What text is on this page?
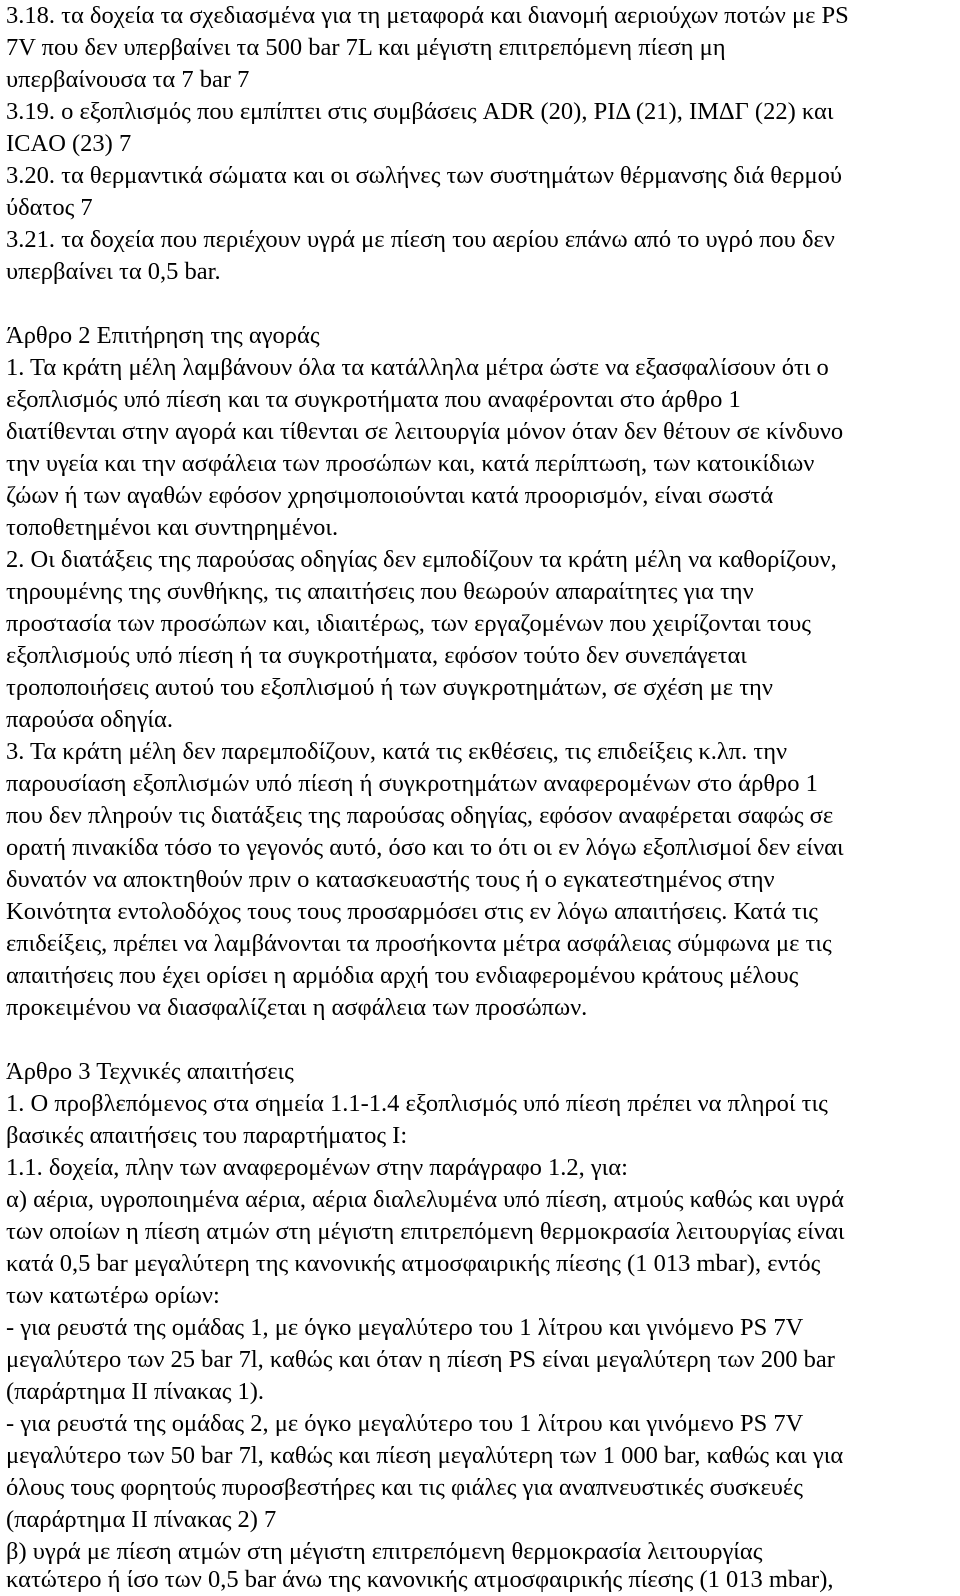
3.18. τα δοχεία τα σχεδιασμένα για τη μεταφορά και διανομή αεριούχων ποτών με PS

7V που δεν υπερβαίνει τα 500 bar 7L και μέγιστη επιτρεπόμενη πίεση μη

υπερβαίνουσα τα 7 bar 7

3.19. ο εξοπλισμός που εμπίπτει στις συμβάσεις ADR (20), ΡΙΔ (21), ΙΜΔΓ (22) και

ICAO (23) 7

3.20. τα θερμαντικά σώματα και οι σωλήνες των συστημάτων θέρμανσης διά θερμού

ύδατος 7

3.21. τα δοχεία που περιέχουν υγρά με πίεση του αερίου επάνω από το υγρό που δεν

υπερβαίνει τα 0,5 bar.

Άρθρο 2 Επιτήρηση της αγοράς

1. Τα κράτη μέλη λαμβάνουν όλα τα κατάλληλα μέτρα ώστε να εξασφαλίσουν ότι ο

εξοπλισμός υπό πίεση και τα συγκροτήματα που αναφέρονται στο άρθρο 1

διατίθενται στην αγορά και τίθενται σε λειτουργία μόνον όταν δεν θέτουν σε κίνδυνο

την υγεία και την ασφάλεια των προσώπων και, κατά περίπτωση, των κατοικίδιων

ζώων ή των αγαθών εφόσον χρησιμοποιούνται κατά προορισμόν, είναι σωστά

τοποθετημένοι και συντηρημένοι.

2. Οι διατάξεις της παρούσας οδηγίας δεν εμποδίζουν τα κράτη μέλη να καθορίζουν,

τηρουμένης της συνθήκης, τις απαιτήσεις που θεωρούν απαραίτητες για την

προστασία των προσώπων και, ιδιαιτέρως, των εργαζομένων που χειρίζονται τους

εξοπλισμούς υπό πίεση ή τα συγκροτήματα, εφόσον τούτο δεν συνεπάγεται

τροποποιήσεις αυτού του εξοπλισμού ή των συγκροτημάτων, σε σχέση με την

παρούσα οδηγία.

3. Τα κράτη μέλη δεν παρεμποδίζουν, κατά τις εκθέσεις, τις επιδείξεις κ.λπ. την

παρουσίαση εξοπλισμών υπό πίεση ή συγκροτημάτων αναφερομένων στο άρθρο 1

που δεν πληρούν τις διατάξεις της παρούσας οδηγίας, εφόσον αναφέρεται σαφώς σε

ορατή πινακίδα τόσο το γεγονός αυτό, όσο και το ότι οι εν λόγω εξοπλισμοί δεν είναι

δυνατόν να αποκτηθούν πριν ο κατασκευαστής τους ή ο εγκατεστημένος στην

Κοινότητα εντολοδόχος τους τους προσαρμόσει στις εν λόγω απαιτήσεις. Κατά τις

επιδείξεις, πρέπει να λαμβάνονται τα προσήκοντα μέτρα ασφάλειας σύμφωνα με τις

απαιτήσεις που έχει ορίσει η αρμόδια αρχή του ενδιαφερομένου κράτους μέλους

προκειμένου να διασφαλίζεται η ασφάλεια των προσώπων.

Άρθρο 3 Τεχνικές απαιτήσεις

1. Ο προβλεπόμενος στα σημεία 1.1-1.4 εξοπλισμός υπό πίεση πρέπει να πληροί τις

βασικές απαιτήσεις του παραρτήματος Ι:

1.1. δοχεία, πλην των αναφερομένων στην παράγραφο 1.2, για:

α) αέρια, υγροποιημένα αέρια, αέρια διαλελυμένα υπό πίεση, ατμούς καθώς και υγρά

των οποίων η πίεση ατμών στη μέγιστη επιτρεπόμενη θερμοκρασία λειτουργίας είναι

κατά 0,5 bar μεγαλύτερη της κανονικής ατμοσφαιρικής πίεσης (1 013 mbar), εντός

των κατωτέρω ορίων:

- για ρευστά της ομάδας 1, με όγκο μεγαλύτερο του 1 λίτρου και γινόμενο PS 7V

μεγαλύτερο των 25 bar 7l, καθώς και όταν η πίεση PS είναι μεγαλύτερη των 200 bar

(παράρτημα ΙΙ πίνακας 1).

- για ρευστά της ομάδας 2, με όγκο μεγαλύτερο του 1 λίτρου και γινόμενο PS 7V

μεγαλύτερο των 50 bar 7l, καθώς και πίεση μεγαλύτερη των 1 000 bar, καθώς και για

όλους τους φορητούς πυροσβεστήρες και τις φιάλες για αναπνευστικές συσκευές

(παράρτημα ΙΙ πίνακας 2) 7

β) υγρά με πίεση ατμών στη μέγιστη επιτρεπόμενη θερμοκρασία λειτουργίας

κατώτερο ή ίσο των 0,5 bar άνω της κανονικής ατμοσφαιρικής πίεσης (1 013 mbar),
